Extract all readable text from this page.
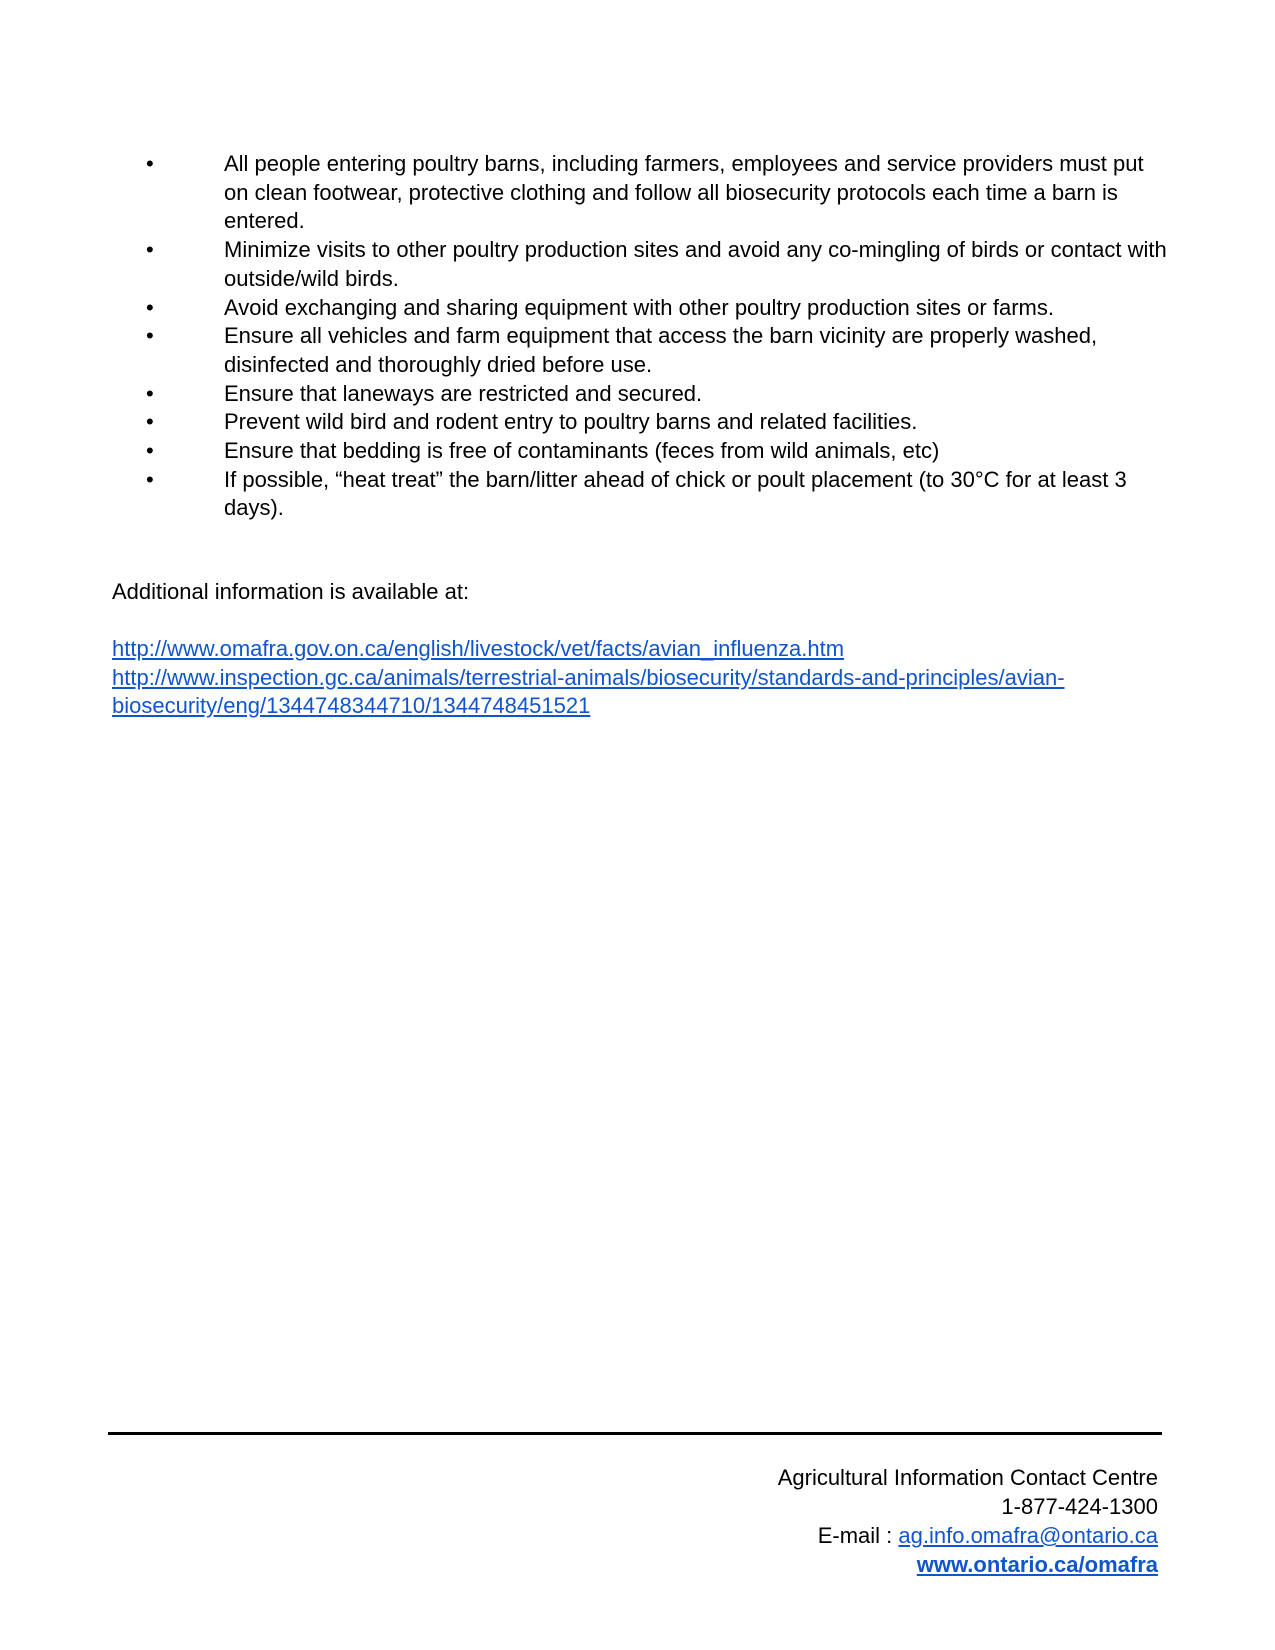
•	All people entering poultry barns, including farmers, employees and service providers must put on clean footwear, protective clothing and follow all biosecurity protocols each time a barn is entered.
•	Minimize visits to other poultry production sites and avoid any co-mingling of birds or contact with outside/wild birds.
•	Avoid exchanging and sharing equipment with other poultry production sites or farms.
•	Ensure all vehicles and farm equipment that access the barn vicinity are properly washed, disinfected and thoroughly dried before use.
•	Ensure that laneways are restricted and secured.
•	Prevent wild bird and rodent entry to poultry barns and related facilities.
•	Ensure that bedding is free of contaminants (feces from wild animals, etc)
•	If possible, “heat treat” the barn/litter ahead of chick or poult placement (to 30°C for at least 3 days).

Additional information is available at:

http://www.omafra.gov.on.ca/english/livestock/vet/facts/avian_influenza.htm
http://www.inspection.gc.ca/animals/terrestrial-animals/biosecurity/standards-and-principles/avian-biosecurity/eng/1344748344710/1344748451521
Agricultural Information Contact Centre
1-877-424-1300
E-mail : ag.info.omafra@ontario.ca
www.ontario.ca/omafra
